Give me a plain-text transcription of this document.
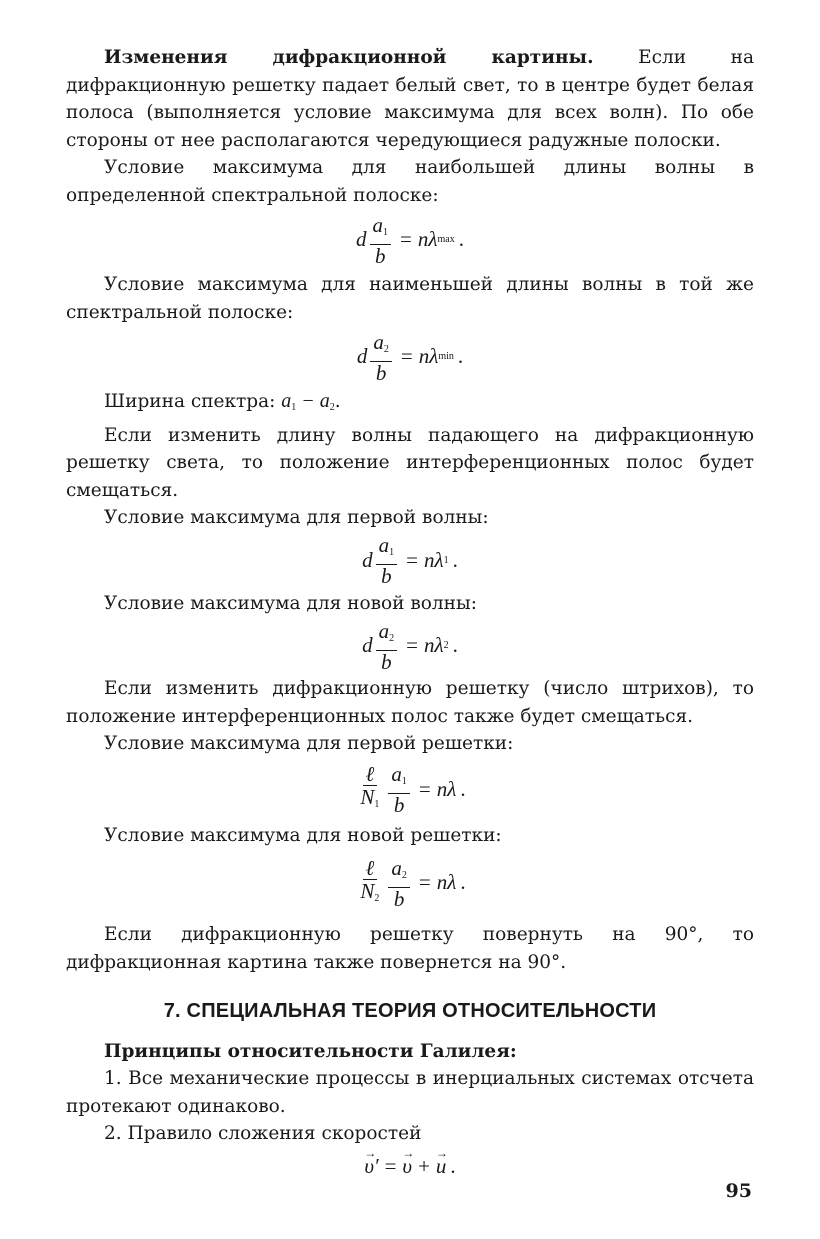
Изменения дифракционной картины. Если на дифракционную решетку падает белый свет, то в центре будет белая полоса (выполняется условие максимума для всех волн). По обе стороны от нее располагаются чередующиеся радужные полоски.

Условие максимума для наибольшей длины волны в определенной спектральной полоске:

d $\frac{a_1}{b} = n\lambda$ max .

Условие максимума для наименьшей длины волны в той же спектральной полоске:

d $\frac{a_2}{b} = n\lambda$ min .

Ширина спектра: $a_1 - a_2$.

Если изменить длину волны падающего на дифракционную решетку света, то положение интерференционных полос будет смещаться.

Условие максимума для первой волны:

d $\frac{a_1}{b} = n\lambda$ 1 .

Условие максимума для новой волны:

d $\frac{a_2}{b} = n\lambda$ 2 .

Если изменить дифракционную решетку (число штрихов), то положение интерференционных полос также будет смещаться.

Условие максимума для первой решетки:

$\frac{\text{ℓ}}{N_1} \frac{a_1}{b} = n\lambda$ .

Условие максимума для новой решетки:

$\frac{\text{ℓ}}{N_2} \frac{a_2}{b} = n\lambda$ .

Если дифракционную решетку повернуть на 90°, то дифракционная картина также повернется на 90°.

7. СПЕЦИАЛЬНАЯ ТЕОРИЯ ОТНОСИТЕЛЬНОСТИ

Принципы относительности Галилея:

1. Все механические процессы в инерциальных системах отсчета протекают одинаково.

2. Правило сложения скоростей

→ υ ′ = → υ + → u .
95
